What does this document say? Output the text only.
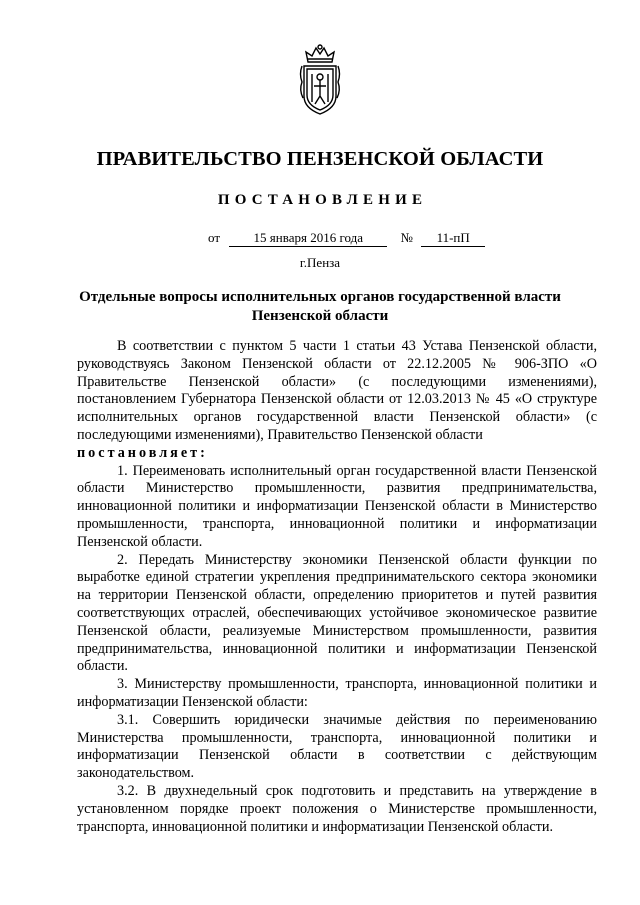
ПРАВИТЕЛЬСТВО ПЕНЗЕНСКОЙ ОБЛАСТИ
ПОСТАНОВЛЕНИЕ
от	15 января 2016 года	№ 11-пП
г.Пенза
Отдельные вопросы исполнительных органов государственной власти
Пензенской области

В соответствии с пунктом 5 части 1 статьи 43 Устава Пензенской области, руководствуясь Законом Пензенской области от 22.12.2005 № 906-ЗПО «О Правительстве Пензенской области» (с последующими изменениями), постановлением Губернатора Пензенской области от 12.03.2013 № 45 «О структуре исполнительных органов государственной власти Пензенской области» (с последующими изменениями), Правительство Пензенской области

постановляет:

1. Переименовать исполнительный орган государственной власти Пензенской области Министерство промышленности, развития предпринимательства, инновационной политики и информатизации Пензенской области в Министерство промышленности, транспорта, инновационной политики и информатизации Пензенской области.

2. Передать Министерству экономики Пензенской области функции по выработке единой стратегии укрепления предпринимательского сектора экономики на территории Пензенской области, определению приоритетов и путей развития соответствующих отраслей, обеспечивающих устойчивое экономическое развитие Пензенской области, реализуемые Министерством промышленности, развития предпринимательства, инновационной политики и информатизации Пензенской области.

3. Министерству промышленности, транспорта, инновационной политики и информатизации Пензенской области:

3.1. Совершить юридически значимые действия по переименованию Министерства промышленности, транспорта, инновационной политики и информатизации Пензенской области в соответствии с действующим законодательством.

3.2. В двухнедельный срок подготовить и представить на утверждение в установленном порядке проект положения о Министерстве промышленности, транспорта, инновационной политики и информатизации Пензенской области.
